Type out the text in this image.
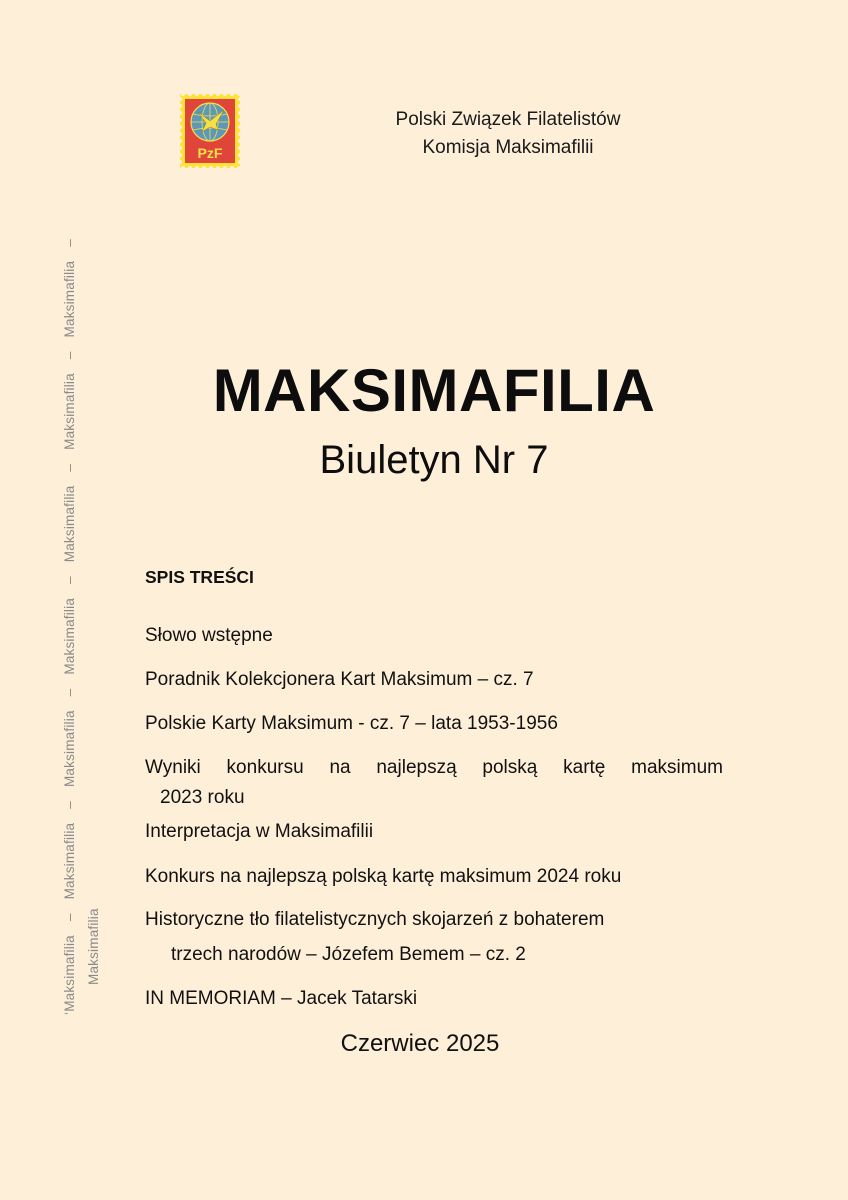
PzF
Polski Związek Filatelistów
Komisja Maksimafilii
‘Maksimafilia–Maksimafilia–Maksimafilia–Maksimafilia–Maksimafilia–Maksimafilia–Maksimafilia–
Maksimafilia
MAKSIMAFILIA
Biuletyn Nr 7
SPIS TREŚCI
Słowo wstępne
Poradnik Kolekcjonera Kart Maksimum – cz. 7
Polskie Karty Maksimum - cz. 7 – lata 1953-1956
Wyniki konkursu na najlepszą polską kartę maksimum
2023 roku
Interpretacja w Maksimafilii
Konkurs na najlepszą polską kartę maksimum 2024 roku
Historyczne tło filatelistycznych skojarzeń z bohaterem
trzech narodów – Józefem Bemem – cz. 2
IN MEMORIAM – Jacek Tatarski
Czerwiec 2025
